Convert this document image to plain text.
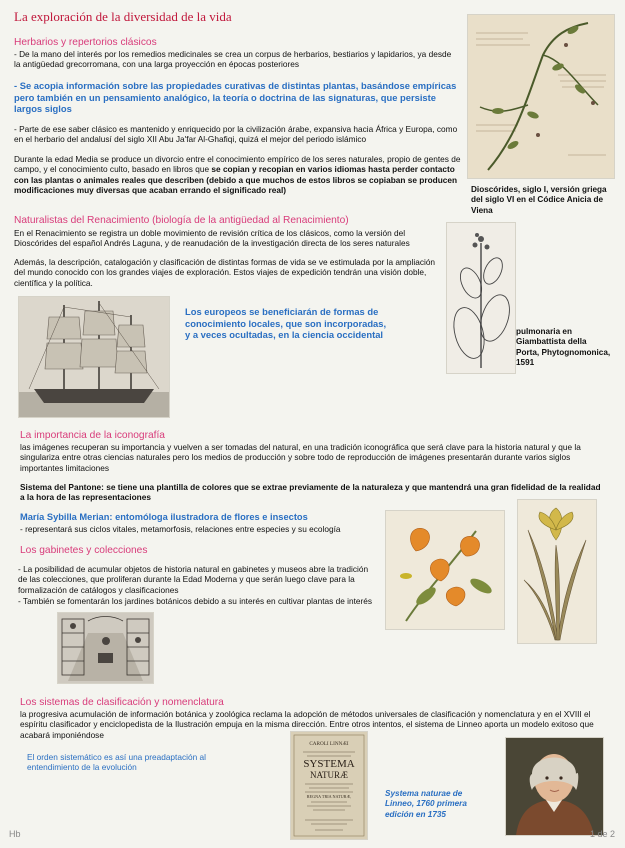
La exploración de la diversidad de la vida
Herbarios y repertorios clásicos
- De la mano del interés por los remedios medicinales se crea un corpus de herbarios, bestiarios y lapidarios, ya desde la antigüedad grecorromana, con una larga proyección en épocas posteriores
- Se acopia información sobre las propiedades curativas de distintas plantas, basándose empíricas pero también en un pensamiento analógico, la teoría o doctrina de las signaturas, que persiste largos siglos
- Parte de ese saber clásico es mantenido y enriquecido por la civilización árabe, expansiva hacia África y Europa, como en el herbario del andalusí del siglo XII Abu Ja'far Al-Ghafiqi, quizá el mejor del periodo islámico
Durante la edad Media se produce un divorcio entre el conocimiento empírico de los seres naturales, propio de gentes de campo, y el conocimiento culto, basado en libros que se copian y recopian en varios idiomas hasta perder contacto con las plantas o animales reales que describen (debido a que muchos de estos libros se copiaban se producen modificaciones muy diversas que acaban errando el significado real)	Dioscórides, siglo I, versión griega del siglo VI en el Códice Anicia de Viena
Naturalistas del Renacimiento (biología de la antigüedad al Renacimiento)
En el Renacimiento se registra un doble movimiento de revisión crítica de los clásicos, como la versión del Dioscórides del español Andrés Laguna, y de reanudación de la investigación directa de los seres naturales
Además, la descripción, catalogación y clasificación de distintas formas de vida se ve estimulada por la ampliación del mundo conocido con los grandes viajes de exploración. Estos viajes de expedición tendrán una visión doble, científica y la política.
Los europeos se beneficiarán de formas de conocimiento locales, que son incorporadas, y a veces ocultadas, en la ciencia occidental	pulmonaria en Giambattista della Porta, Phytognomonica, 1591
La importancia de la iconografía
las imágenes recuperan su importancia y vuelven a ser tomadas del natural, en una tradición iconográfica que será clave para la historia natural y que la singulariza entre otras ciencias naturales pero los medios de producción y sobre todo de reproducción de imágenes presentarán durante varios siglos importantes limitaciones
Sistema del Pantone: se tiene una plantilla de colores que se extrae previamente de la naturaleza y que mantendrá una gran fidelidad de la realidad a la hora de las representaciones
María Sybilla Merian: entomóloga ilustradora de flores e insectos
- representará sus ciclos vitales, metamorfosis, relaciones entre especies y su ecología
Los gabinetes y colecciones
- La posibilidad de acumular objetos de historia natural en gabinetes y museos abre la tradición de las colecciones, que proliferan durante la Edad Moderna y que serán luego clave para la formalización de catálogos y clasificaciones
- También se fomentarán los jardines botánicos debido a su interés en cultivar plantas de interés
Los sistemas de clasificación y nomenclatura
la progresiva acumulación de información botánica y zoológica reclama la adopción de métodos universales de clasificación y nomenclatura y en el XVIII el espíritu clasificador y enciclopedista de la Ilustración empuja en la misma dirección. Entre otros intentos, el sistema de Linneo aporta un modelo exitoso que acabará imponiéndose
El orden sistemático es así una preadaptación al entendimiento de la evolución
CAROLI LINNÆI
SYSTEMA
NATURÆ
REGNA TRIA NATURÆ,	Systema naturae de Linneo, 1760 primera edición en 1735
Hb	1 de 2
